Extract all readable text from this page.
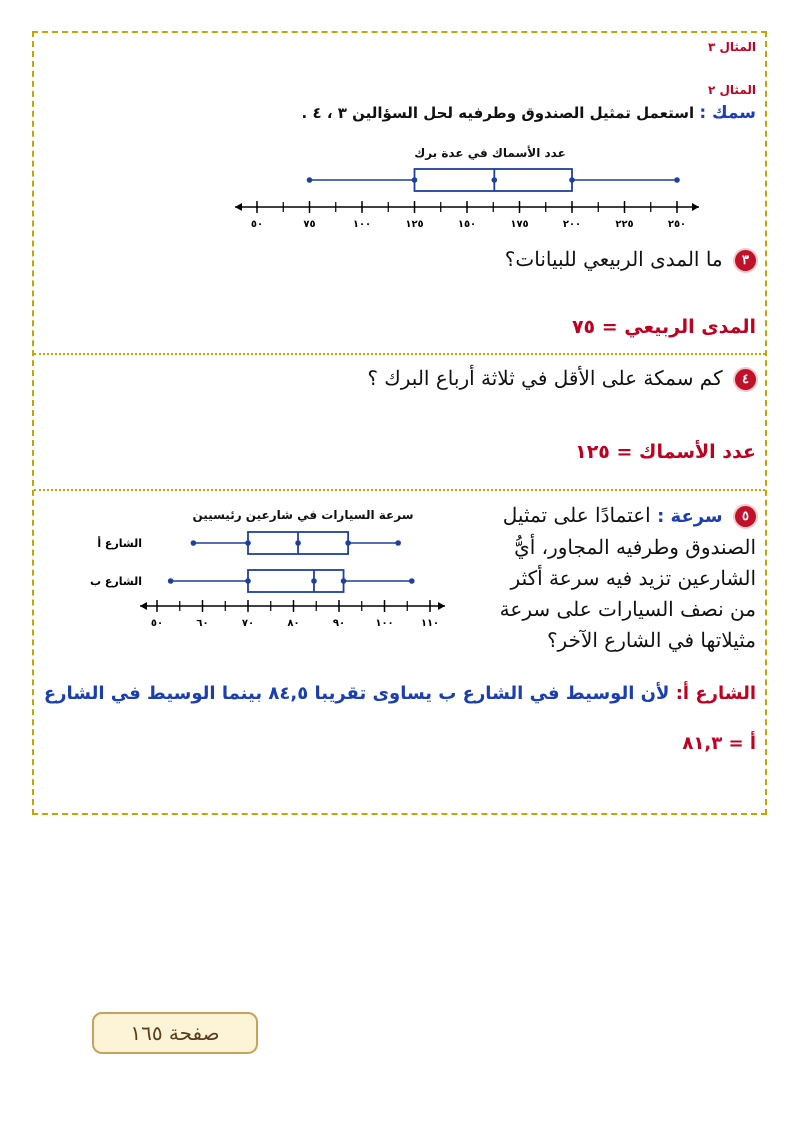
المثال ٣
المثال ٢
سمك : استعمل تمثيل الصندوق وطرفيه لحل السؤالين ٣ ، ٤ .
عدد الأسماك في عدة برك
٥٠	٧٥	١٠٠	١٢٥	١٥٠	١٧٥	٢٠٠	٢٢٥	٢٥٠
٣ ما المدى الربيعي للبيانات؟
المدى الربيعي = ٧٥
٤ كم سمكة على الأقل في ثلاثة أرباع البرك ؟
عدد الأسماك = ١٢٥
٥ سرعة : اعتمادًا على تمثيل
الصندوق وطرفيه المجاور، أيُّ
الشارعين تزيد فيه سرعة أكثر
من نصف السيارات على سرعة
مثيلاتها في الشارع الآخر؟
سرعة السيارات في شارعين رئيسيين
٥٠	٦٠	٧٠	٨٠	٩٠	١٠٠	١١٠
الشارع أ
الشارع ب
الشارع أ: لأن الوسيط في الشارع ب يساوى تقريبا ٨٤,٥ بينما الوسيط في الشارع
أ = ٨١,٣
صفحة ١٦٥
